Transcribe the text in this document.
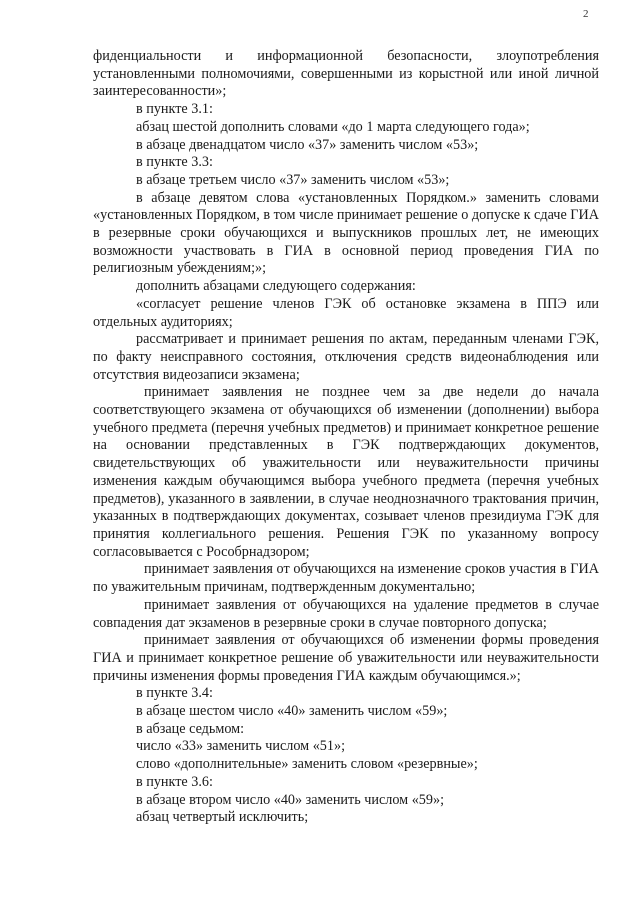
2

фиденциальности и информационной безопасности, злоупотребления установленными полномочиями, совершенными из корыстной или иной личной заинтересованности»;

в пункте 3.1:

абзац шестой дополнить словами «до 1 марта следующего года»;

в абзаце двенадцатом число «37» заменить числом «53»;

в пункте 3.3:

в абзаце третьем число «37» заменить числом «53»;

в абзаце девятом слова «установленных Порядком.» заменить словами «установленных Порядком, в том числе принимает решение о допуске к сдаче ГИА в резервные сроки обучающихся и выпускников прошлых лет, не имеющих возможности участвовать в ГИА в основной период проведения ГИА по религиозным убеждениям;»;

дополнить абзацами следующего содержания:

«согласует решение членов ГЭК об остановке экзамена в ППЭ или отдельных аудиториях;

рассматривает и принимает решения по актам, переданным членами ГЭК, по факту неисправного состояния, отключения средств видеонаблюдения или отсутствия видеозаписи экзамена;

принимает заявления не позднее чем за две недели до начала соответствующего экзамена от обучающихся об изменении (дополнении) выбора учебного предмета (перечня учебных предметов) и принимает конкретное решение на основании представленных в ГЭК подтверждающих документов, свидетельствующих об уважительности или неуважительности причины изменения каждым обучающимся выбора учебного предмета (перечня учебных предметов), указанного в заявлении, в случае неоднозначного трактования причин, указанных в подтверждающих документах, созывает членов президиума ГЭК для принятия коллегиального решения. Решения ГЭК по указанному вопросу согласовывается с Рособрнадзором;

принимает заявления от обучающихся на изменение сроков участия в ГИА по уважительным причинам, подтвержденным документально;

принимает заявления от обучающихся на удаление предметов в случае совпадения дат экзаменов в резервные сроки в случае повторного допуска;

принимает заявления от обучающихся об изменении формы проведения ГИА и принимает конкретное решение об уважительности или неуважительности причины изменения формы проведения ГИА каждым обучающимся.»;

в пункте 3.4:

в абзаце шестом число «40» заменить числом «59»;

в абзаце седьмом:

число «33» заменить числом «51»;

слово «дополнительные» заменить словом «резервные»;

в пункте 3.6:

в абзаце втором число «40» заменить числом «59»;

абзац четвертый исключить;
